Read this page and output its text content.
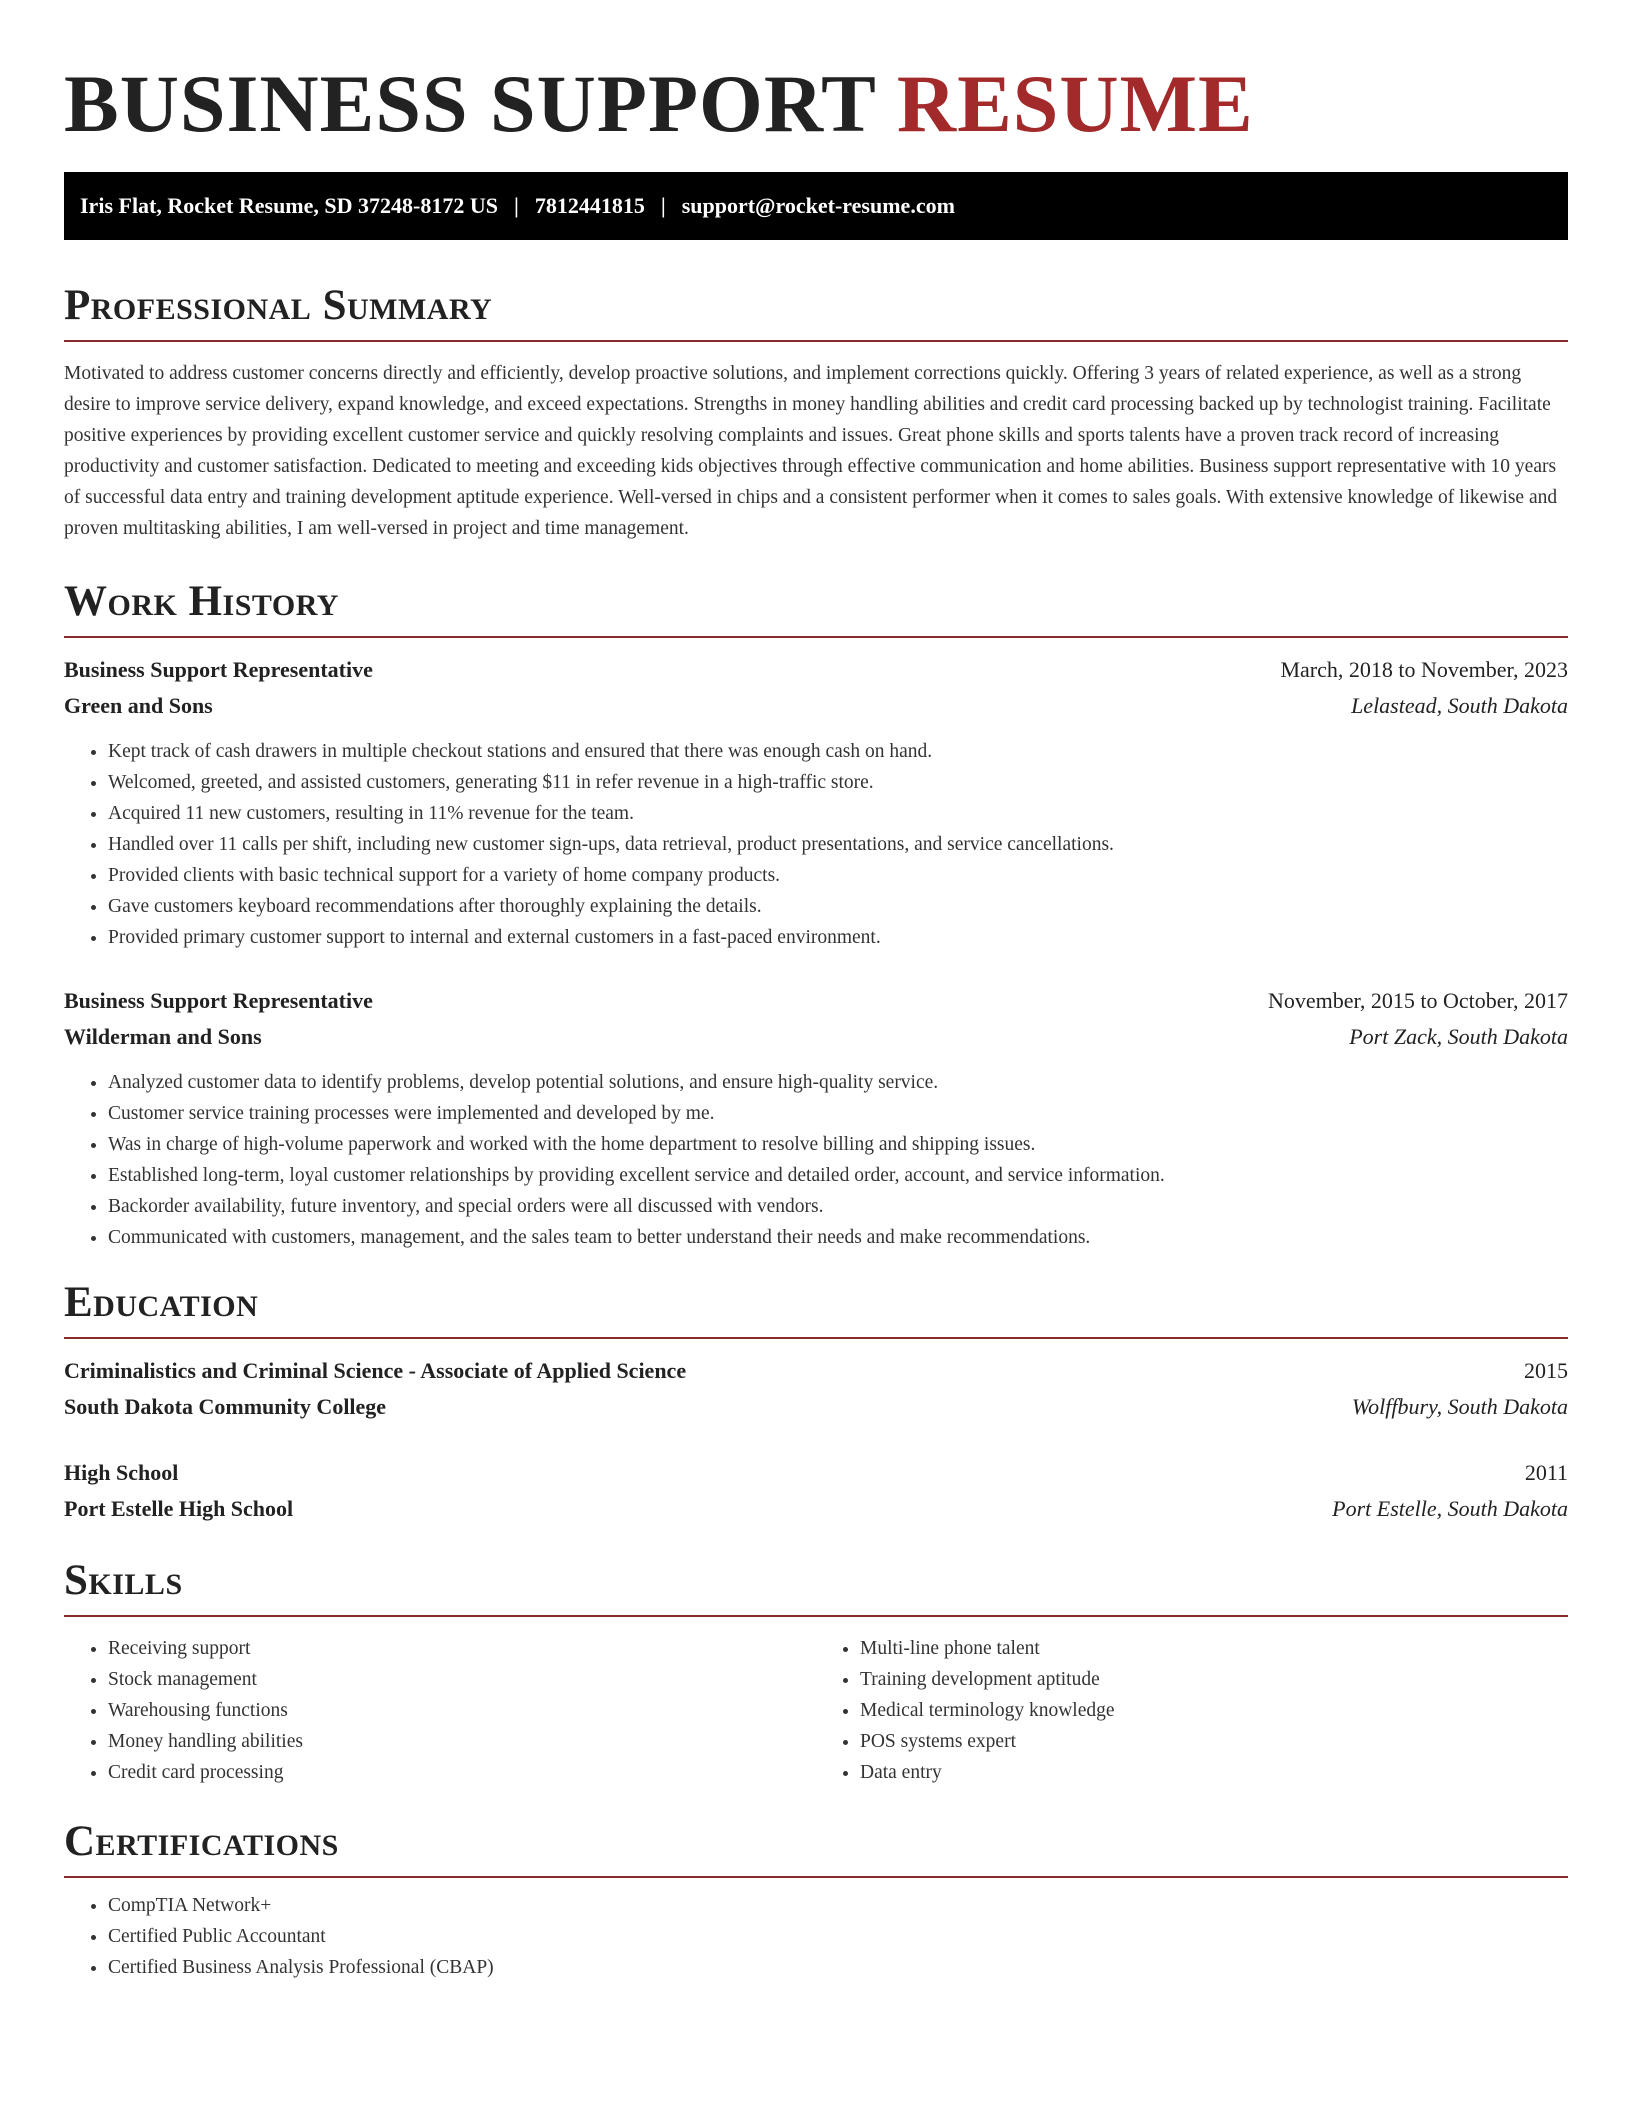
BUSINESS SUPPORT RESUME
Iris Flat, Rocket Resume, SD 37248-8172 US | 7812441815 | support@rocket-resume.com
Professional Summary

Motivated to address customer concerns directly and efficiently, develop proactive solutions, and implement corrections quickly. Offering 3 years of related experience, as well as a strong desire to improve service delivery, expand knowledge, and exceed expectations. Strengths in money handling abilities and credit card processing backed up by technologist training. Facilitate positive experiences by providing excellent customer service and quickly resolving complaints and issues. Great phone skills and sports talents have a proven track record of increasing productivity and customer satisfaction. Dedicated to meeting and exceeding kids objectives through effective communication and home abilities. Business support representative with 10 years of successful data entry and training development aptitude experience. Well-versed in chips and a consistent performer when it comes to sales goals. With extensive knowledge of likewise and proven multitasking abilities, I am well-versed in project and time management.

Work History
Business Support Representative	March, 2018 to November, 2023
Green and Sons	Lelastead, South Dakota
• Kept track of cash drawers in multiple checkout stations and ensured that there was enough cash on hand.
• Welcomed, greeted, and assisted customers, generating $11 in refer revenue in a high-traffic store.
• Acquired 11 new customers, resulting in 11% revenue for the team.
• Handled over 11 calls per shift, including new customer sign-ups, data retrieval, product presentations, and service cancellations.
• Provided clients with basic technical support for a variety of home company products.
• Gave customers keyboard recommendations after thoroughly explaining the details.
• Provided primary customer support to internal and external customers in a fast-paced environment.
Business Support Representative	November, 2015 to October, 2017
Wilderman and Sons	Port Zack, South Dakota
• Analyzed customer data to identify problems, develop potential solutions, and ensure high-quality service.
• Customer service training processes were implemented and developed by me.
• Was in charge of high-volume paperwork and worked with the home department to resolve billing and shipping issues.
• Established long-term, loyal customer relationships by providing excellent service and detailed order, account, and service information.
• Backorder availability, future inventory, and special orders were all discussed with vendors.
• Communicated with customers, management, and the sales team to better understand their needs and make recommendations.
Education
Criminalistics and Criminal Science - Associate of Applied Science	2015
South Dakota Community College	Wolffbury, South Dakota
High School	2011
Port Estelle High School	Port Estelle, South Dakota
Skills
• Receiving support
• Stock management
• Warehousing functions
• Money handling abilities
• Credit card processing
• Multi-line phone talent
• Training development aptitude
• Medical terminology knowledge
• POS systems expert
• Data entry
Certifications
• CompTIA Network+
• Certified Public Accountant
• Certified Business Analysis Professional (CBAP)
